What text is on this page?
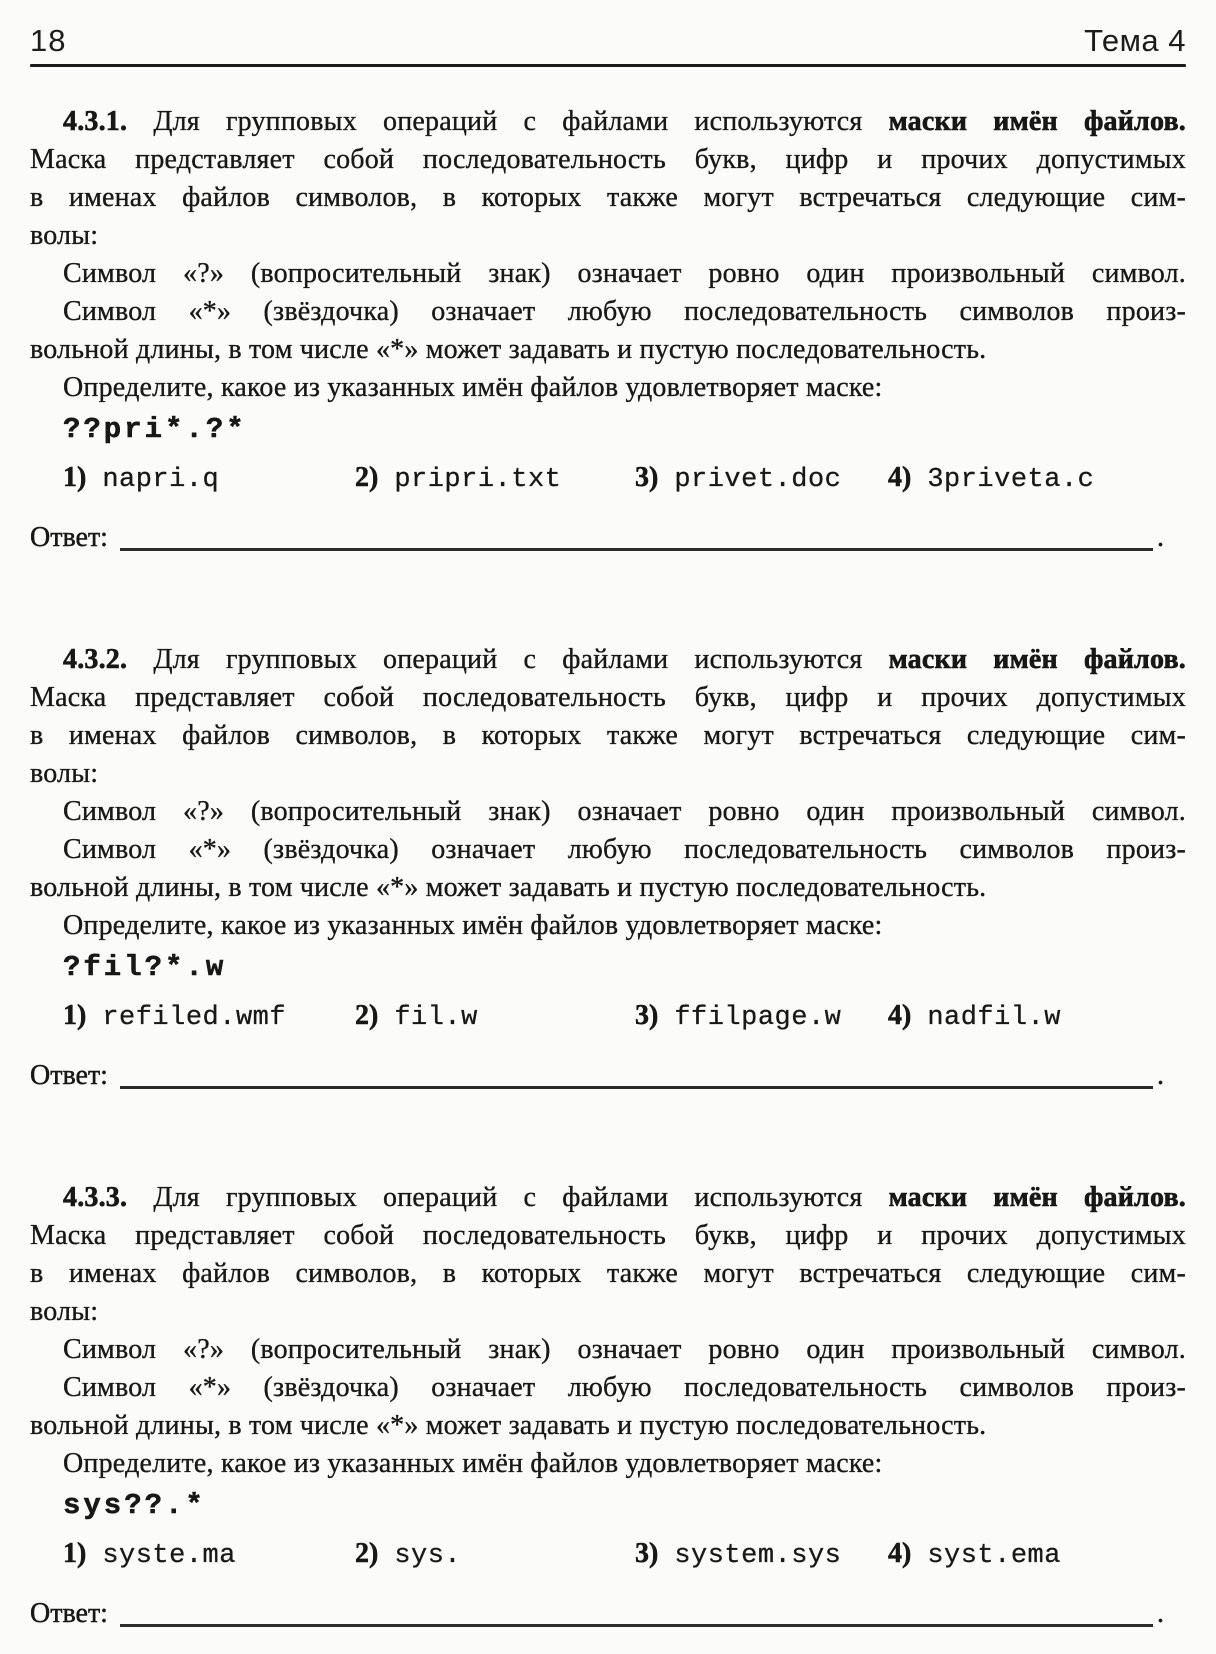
18	Тема 4
4.3.1. Для групповых операций с файлами используются маски имён файлов.
Маска представляет собой последовательность букв, цифр и прочих допустимых
в именах файлов символов, в которых также могут встречаться следующие сим-
волы:
Символ «?» (вопросительный знак) означает ровно один произвольный символ.
Символ «*» (звёздочка) означает любую последовательность символов произ-
вольной длины, в том числе «*» может задавать и пустую последовательность.
Определите, какое из указанных имён файлов удовлетворяет маске:
??pri*.?*
1) napri.q	2) pripri.txt	3) privet.doc	4) 3priveta.c
Ответ:	.
4.3.2. Для групповых операций с файлами используются маски имён файлов.
Маска представляет собой последовательность букв, цифр и прочих допустимых
в именах файлов символов, в которых также могут встречаться следующие сим-
волы:
Символ «?» (вопросительный знак) означает ровно один произвольный символ.
Символ «*» (звёздочка) означает любую последовательность символов произ-
вольной длины, в том числе «*» может задавать и пустую последовательность.
Определите, какое из указанных имён файлов удовлетворяет маске:
?fil?*.w
1) refiled.wmf	2) fil.w	3) ffilpage.w	4) nadfil.w
Ответ:	.
4.3.3. Для групповых операций с файлами используются маски имён файлов.
Маска представляет собой последовательность букв, цифр и прочих допустимых
в именах файлов символов, в которых также могут встречаться следующие сим-
волы:
Символ «?» (вопросительный знак) означает ровно один произвольный символ.
Символ «*» (звёздочка) означает любую последовательность символов произ-
вольной длины, в том числе «*» может задавать и пустую последовательность.
Определите, какое из указанных имён файлов удовлетворяет маске:
sys??.*
1) syste.ma	2) sys.	3) system.sys	4) syst.ema
Ответ:	.
